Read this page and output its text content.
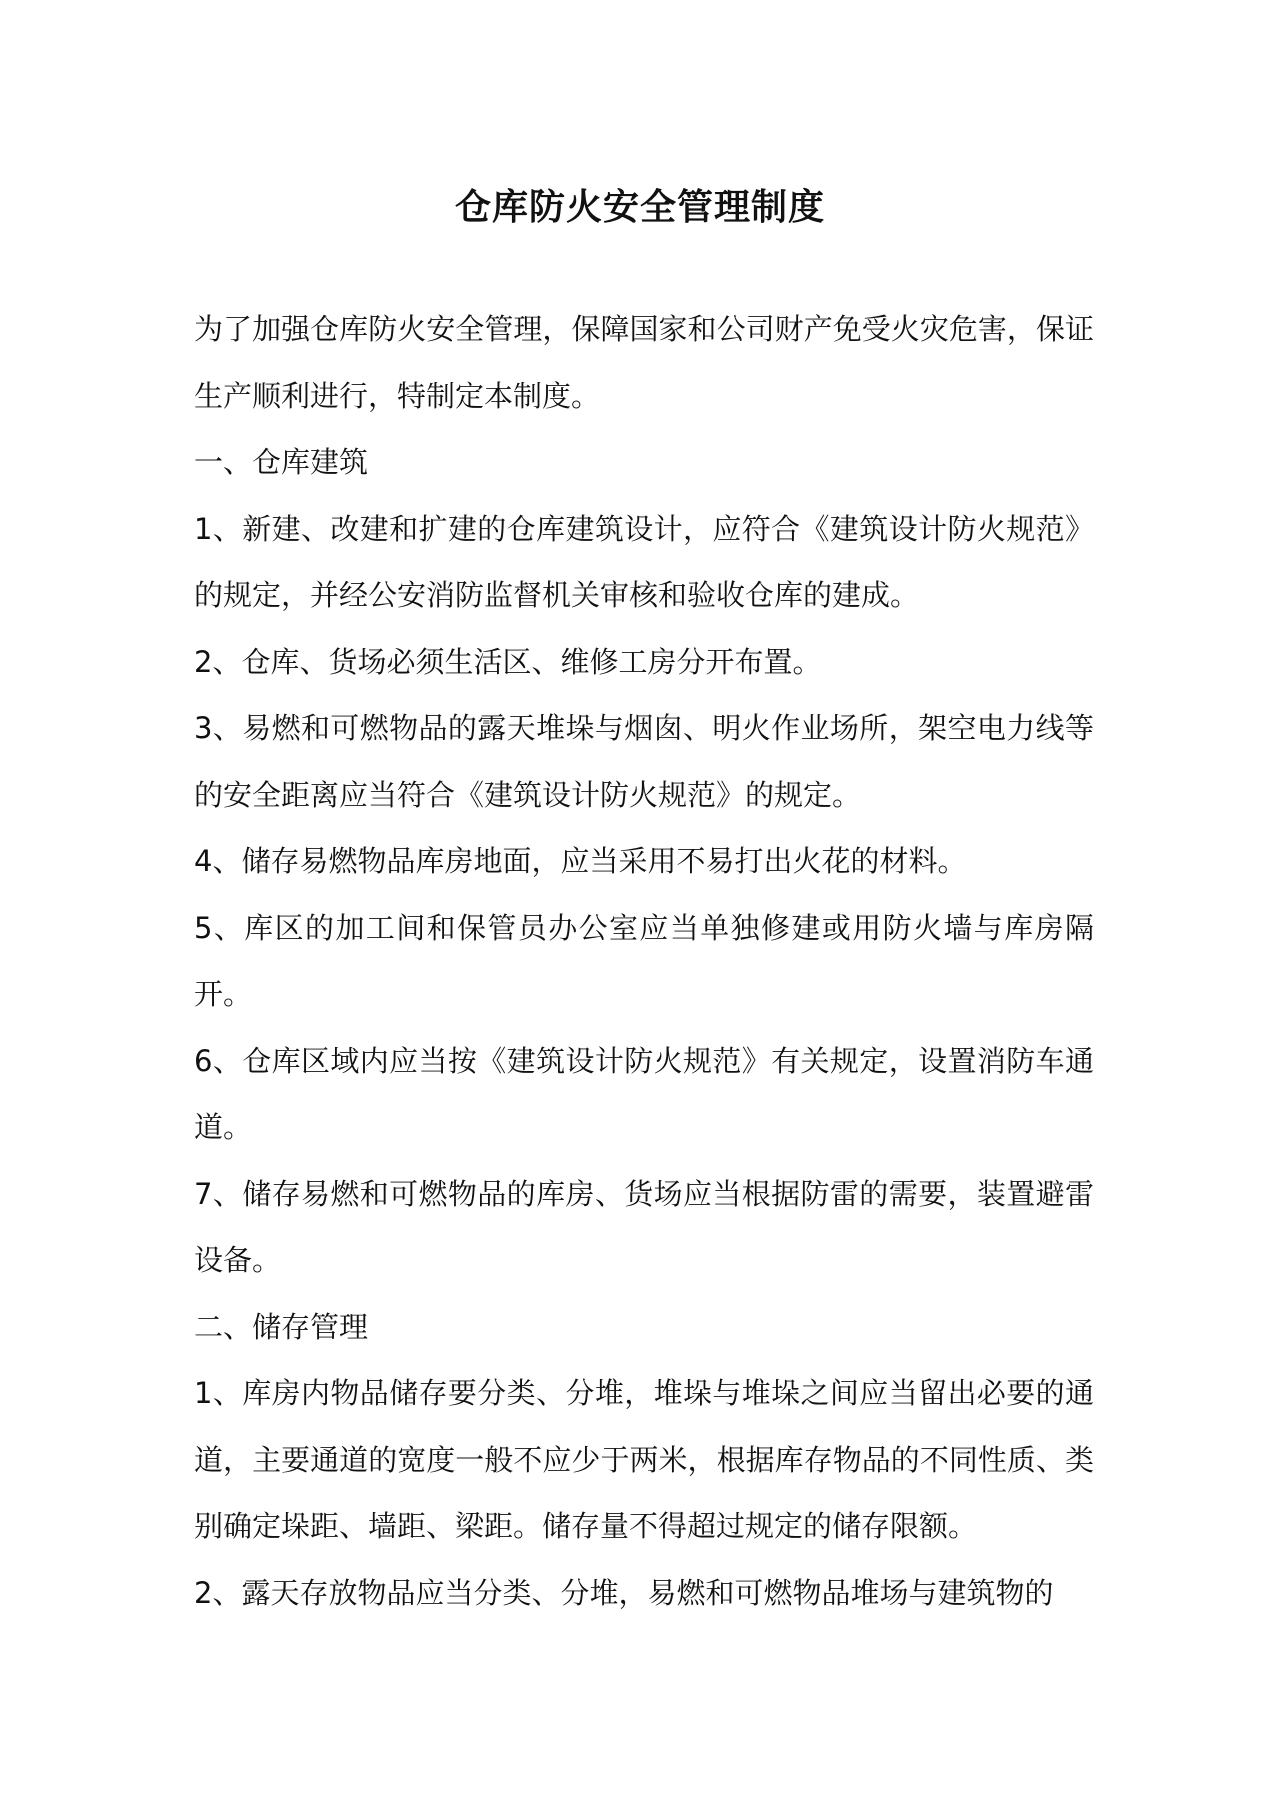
仓库防火安全管理制度

为了加强仓库防火安全管理，保障国家和公司财产免受火灾危害，保证生产顺利进行，特制定本制度。

一、仓库建筑

1、新建、改建和扩建的仓库建筑设计，应符合《建筑设计防火规范》的规定，并经公安消防监督机关审核和验收仓库的建成。

2、仓库、货场必须生活区、维修工房分开布置。

3、易燃和可燃物品的露天堆垛与烟囱、明火作业场所，架空电力线等的安全距离应当符合《建筑设计防火规范》的规定。

4、储存易燃物品库房地面，应当采用不易打出火花的材料。

5、库区的加工间和保管员办公室应当单独修建或用防火墙与库房隔开。

6、仓库区域内应当按《建筑设计防火规范》有关规定，设置消防车通道。

7、储存易燃和可燃物品的库房、货场应当根据防雷的需要，装置避雷设备。

二、储存管理

1、库房内物品储存要分类、分堆，堆垛与堆垛之间应当留出必要的通道，主要通道的宽度一般不应少于两米，根据库存物品的不同性质、类别确定垛距、墙距、梁距。储存量不得超过规定的储存限额。

2、露天存放物品应当分类、分堆，易燃和可燃物品堆场与建筑物的
